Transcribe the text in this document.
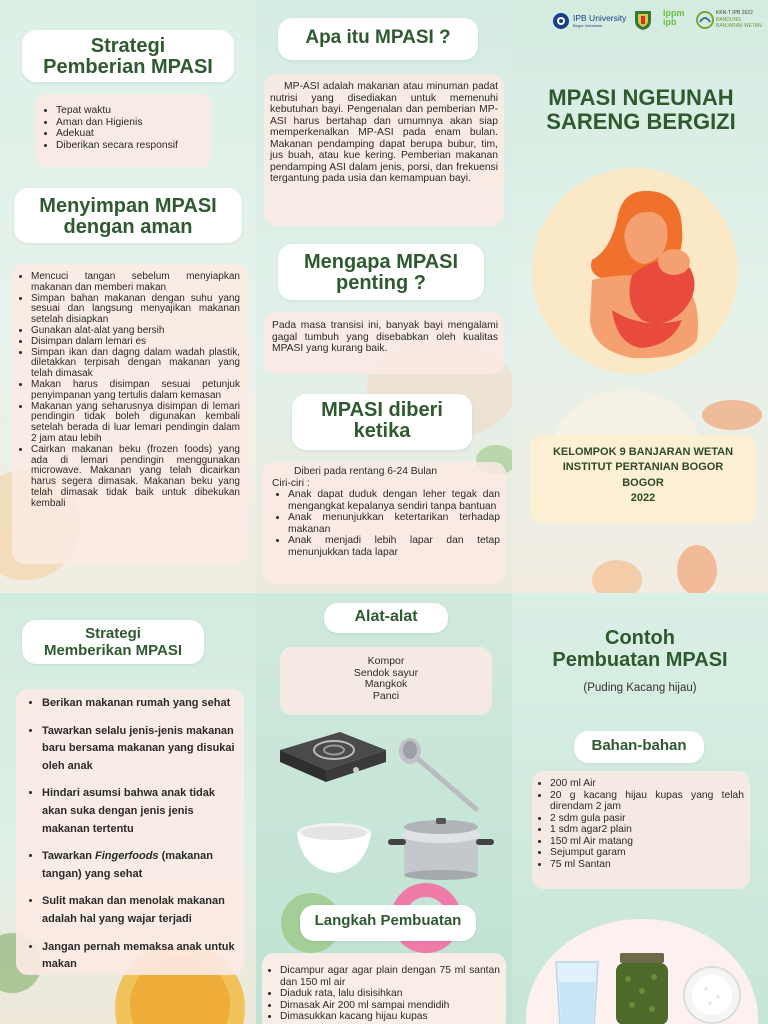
Strategi
Pemberian MPASI
• Tepat waktu
• Aman dan Higienis
• Adekuat
• Diberikan secara responsif
Menyimpan MPASI
dengan aman
• Mencuci tangan sebelum menyiapkan makanan dan memberi makan
• Simpan bahan makanan dengan suhu yang sesuai dan langsung menyajikan makanan setelah disiapkan
• Gunakan alat-alat yang bersih
• Disimpan dalam lemari es
• Simpan ikan dan dagng dalam wadah plastik, diletakkan terpisah dengan makanan yang telah dimasak
• Makan harus disimpan sesuai petunjuk penyimpanan yang tertulis dalam kemasan
• Makanan yang seharusnya disimpan di lemari pendingin tidak boleh digunakan kembali setelah berada di luar lemari pendingin dalam 2 jam atau lebih
• Cairkan makanan beku (frozen foods) yang ada di lemari pendingin menggunakan microwave. Makanan yang telah dicairkan harus segera dimasak. Makanan beku yang telah dimasak tidak baik untuk dibekukan kembali
Apa itu MPASI ?

MP-ASI adalah makanan atau minuman padat nutrisi yang disediakan untuk memenuhi kebutuhan bayi. Pengenalan dan pemberian MP-ASI harus bertahap dan umumnya akan siap memperkenalkan MP-ASI pada enam bulan. Makanan pendamping dapat berupa bubur, tim, jus buah, atau kue kering. Pemberian makanan pendamping ASI dalam jenis, porsi, dan frekuensi tergantung pada usia dan kemampuan bayi.

Mengapa MPASI
penting ?

Pada masa transisi ini, banyak bayi mengalami gagal tumbuh yang disebabkan oleh kualitas MPASI yang kurang baik.

MPASI diberi
ketika

Diberi pada rentang 6-24 Bulan

Ciri-ciri :

• Anak dapat duduk dengan leher tegak dan mengangkat kepalanya sendiri tanpa bantuan
• Anak menunjukkan ketertarikan terhadap makanan
• Anak menjadi lebih lapar dan tetap menunjukkan tada lapar
IPB University
Bogor Indonesia
lppm ipb
KKN-T IPB 2022
BANDUNG
BANJARAN WETAN
MPASI NGEUNAH
SARENG BERGIZI
KELOMPOK 9 BANJARAN WETAN
INSTITUT PERTANIAN BOGOR
BOGOR
2022
Strategi
Memberikan MPASI
• Berikan makanan rumah yang sehat
• Tawarkan selalu jenis-jenis makanan baru bersama makanan yang disukai oleh anak
• Hindari asumsi bahwa anak tidak akan suka dengan jenis jenis makanan tertentu
• Tawarkan Fingerfoods (makanan tangan) yang sehat
• Sulit makan dan menolak makanan adalah hal yang wajar terjadi
• Jangan pernah memaksa anak untuk makan
Alat-alat
Kompor
Sendok sayur
Mangkok
Panci
Langkah Pembuatan
• Dicampur agar agar plain dengan 75 ml santan dan 150 ml air
• Diaduk rata, lalu disisihkan
• Dimasak Air 200 ml sampai mendidih
• Dimasukkan kacang hijau kupas
Contoh
Pembuatan MPASI
(Puding Kacang hijau)
Bahan-bahan
• 200 ml Air
• 20 g kacang hijau kupas yang telah direndam 2 jam
• 2 sdm gula pasir
• 1 sdm agar2 plain
• 150 ml Air matang
• Sejumput garam
• 75 ml Santan
